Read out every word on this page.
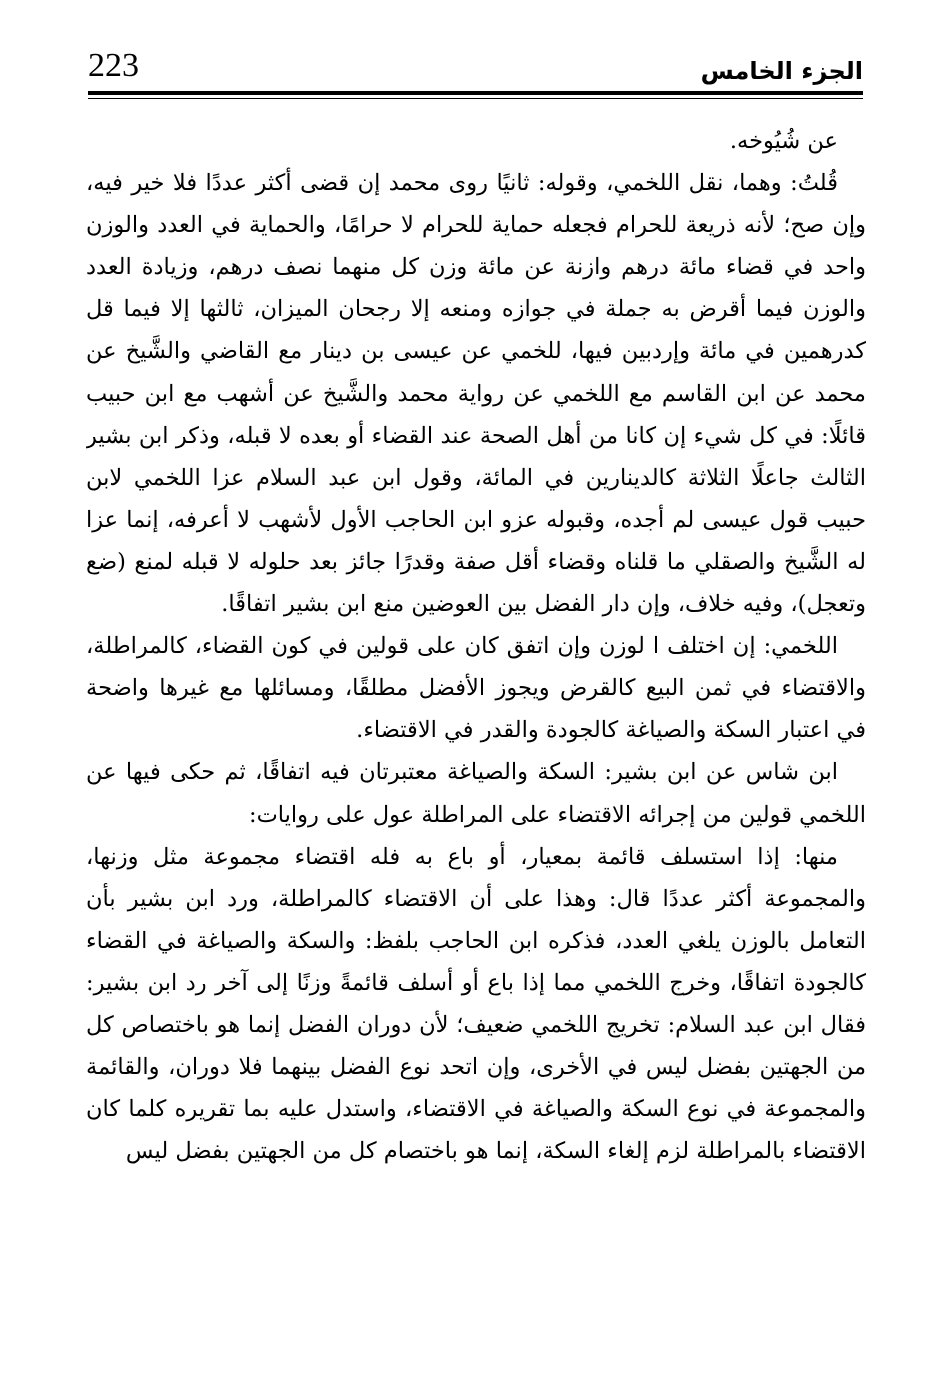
223	الجزء الخامس

عن شُيُوخه.

قُلتُ: وهما، نقل اللخمي، وقوله: ثانيًا روى محمد إن قضى أكثر عددًا فلا خير فيه، وإن صح؛ لأنه ذريعة للحرام فجعله حماية للحرام لا حرامًا، والحماية في العدد والوزن واحد في قضاء مائة درهم وازنة عن مائة وزن كل منهما نصف درهم، وزيادة العدد والوزن فيما أقرض به جملة في جوازه ومنعه إلا رجحان الميزان، ثالثها إلا فيما قل كدرهمين في مائة وإردبين فيها، للخمي عن عيسى بن دينار مع القاضي والشَّيخ عن محمد عن ابن القاسم مع اللخمي عن رواية محمد والشَّيخ عن أشهب مع ابن حبيب قائلًا: في كل شيء إن كانا من أهل الصحة عند القضاء أو بعده لا قبله، وذكر ابن بشير الثالث جاعلًا الثلاثة كالدينارين في المائة، وقول ابن عبد السلام عزا اللخمي لابن حبيب قول عيسى لم أجده، وقبوله عزو ابن الحاجب الأول لأشهب لا أعرفه، إنما عزا له الشَّيخ والصقلي ما قلناه وقضاء أقل صفة وقدرًا جائز بعد حلوله لا قبله لمنع (ضع وتعجل)، وفيه خلاف، وإن دار الفضل بين العوضين منع ابن بشير اتفاقًا.

اللخمي: إن اختلف ا لوزن وإن اتفق كان على قولين في كون القضاء، كالمراطلة، والاقتضاء في ثمن البيع كالقرض ويجوز الأفضل مطلقًا، ومسائلها مع غيرها واضحة في اعتبار السكة والصياغة كالجودة والقدر في الاقتضاء.

ابن شاس عن ابن بشير: السكة والصياغة معتبرتان فيه اتفاقًا، ثم حكى فيها عن اللخمي قولين من إجرائه الاقتضاء على المراطلة عول على روايات:

منها: إذا استسلف قائمة بمعيار، أو باع به فله اقتضاء مجموعة مثل وزنها، والمجموعة أكثر عددًا قال: وهذا على أن الاقتضاء كالمراطلة، ورد ابن بشير بأن التعامل بالوزن يلغي العدد، فذكره ابن الحاجب بلفظ: والسكة والصياغة في القضاء كالجودة اتفاقًا، وخرج اللخمي مما إذا باع أو أسلف قائمةً وزنًا إلى آخر رد ابن بشير: فقال ابن عبد السلام: تخريج اللخمي ضعيف؛ لأن دوران الفضل إنما هو باختصاص كل من الجهتين بفضل ليس في الأخرى، وإن اتحد نوع الفضل بينهما فلا دوران، والقائمة والمجموعة في نوع السكة والصياغة في الاقتضاء، واستدل عليه بما تقريره كلما كان الاقتضاء بالمراطلة لزم إلغاء السكة، إنما هو باختصام كل من الجهتين بفضل ليس
